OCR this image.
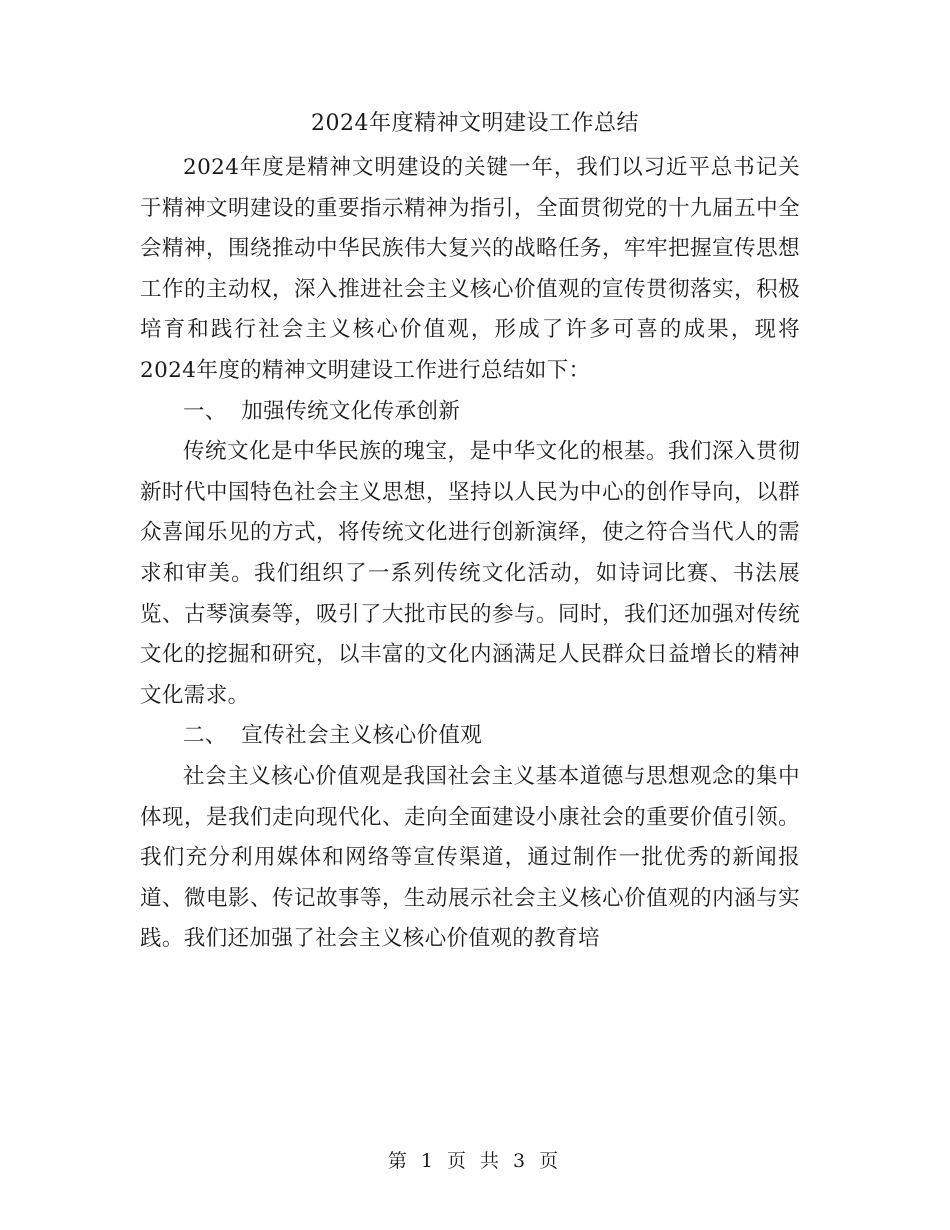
2024年度精神文明建设工作总结

2024年度是精神文明建设的关键一年，我们以习近平总书记关于精神文明建设的重要指示精神为指引，全面贯彻党的十九届五中全会精神，围绕推动中华民族伟大复兴的战略任务，牢牢把握宣传思想工作的主动权，深入推进社会主义核心价值观的宣传贯彻落实，积极培育和践行社会主义核心价值观，形成了许多可喜的成果，现将2024年度的精神文明建设工作进行总结如下：

一、  加强传统文化传承创新

传统文化是中华民族的瑰宝，是中华文化的根基。我们深入贯彻新时代中国特色社会主义思想，坚持以人民为中心的创作导向，以群众喜闻乐见的方式，将传统文化进行创新演绎，使之符合当代人的需求和审美。我们组织了一系列传统文化活动，如诗词比赛、书法展览、古琴演奏等，吸引了大批市民的参与。同时，我们还加强对传统文化的挖掘和研究，以丰富的文化内涵满足人民群众日益增长的精神文化需求。

二、  宣传社会主义核心价值观

社会主义核心价值观是我国社会主义基本道德与思想观念的集中体现，是我们走向现代化、走向全面建设小康社会的重要价值引领。我们充分利用媒体和网络等宣传渠道，通过制作一批优秀的新闻报道、微电影、传记故事等，生动展示社会主义核心价值观的内涵与实践。我们还加强了社会主义核心价值观的教育培

第 1 页 共 3 页
